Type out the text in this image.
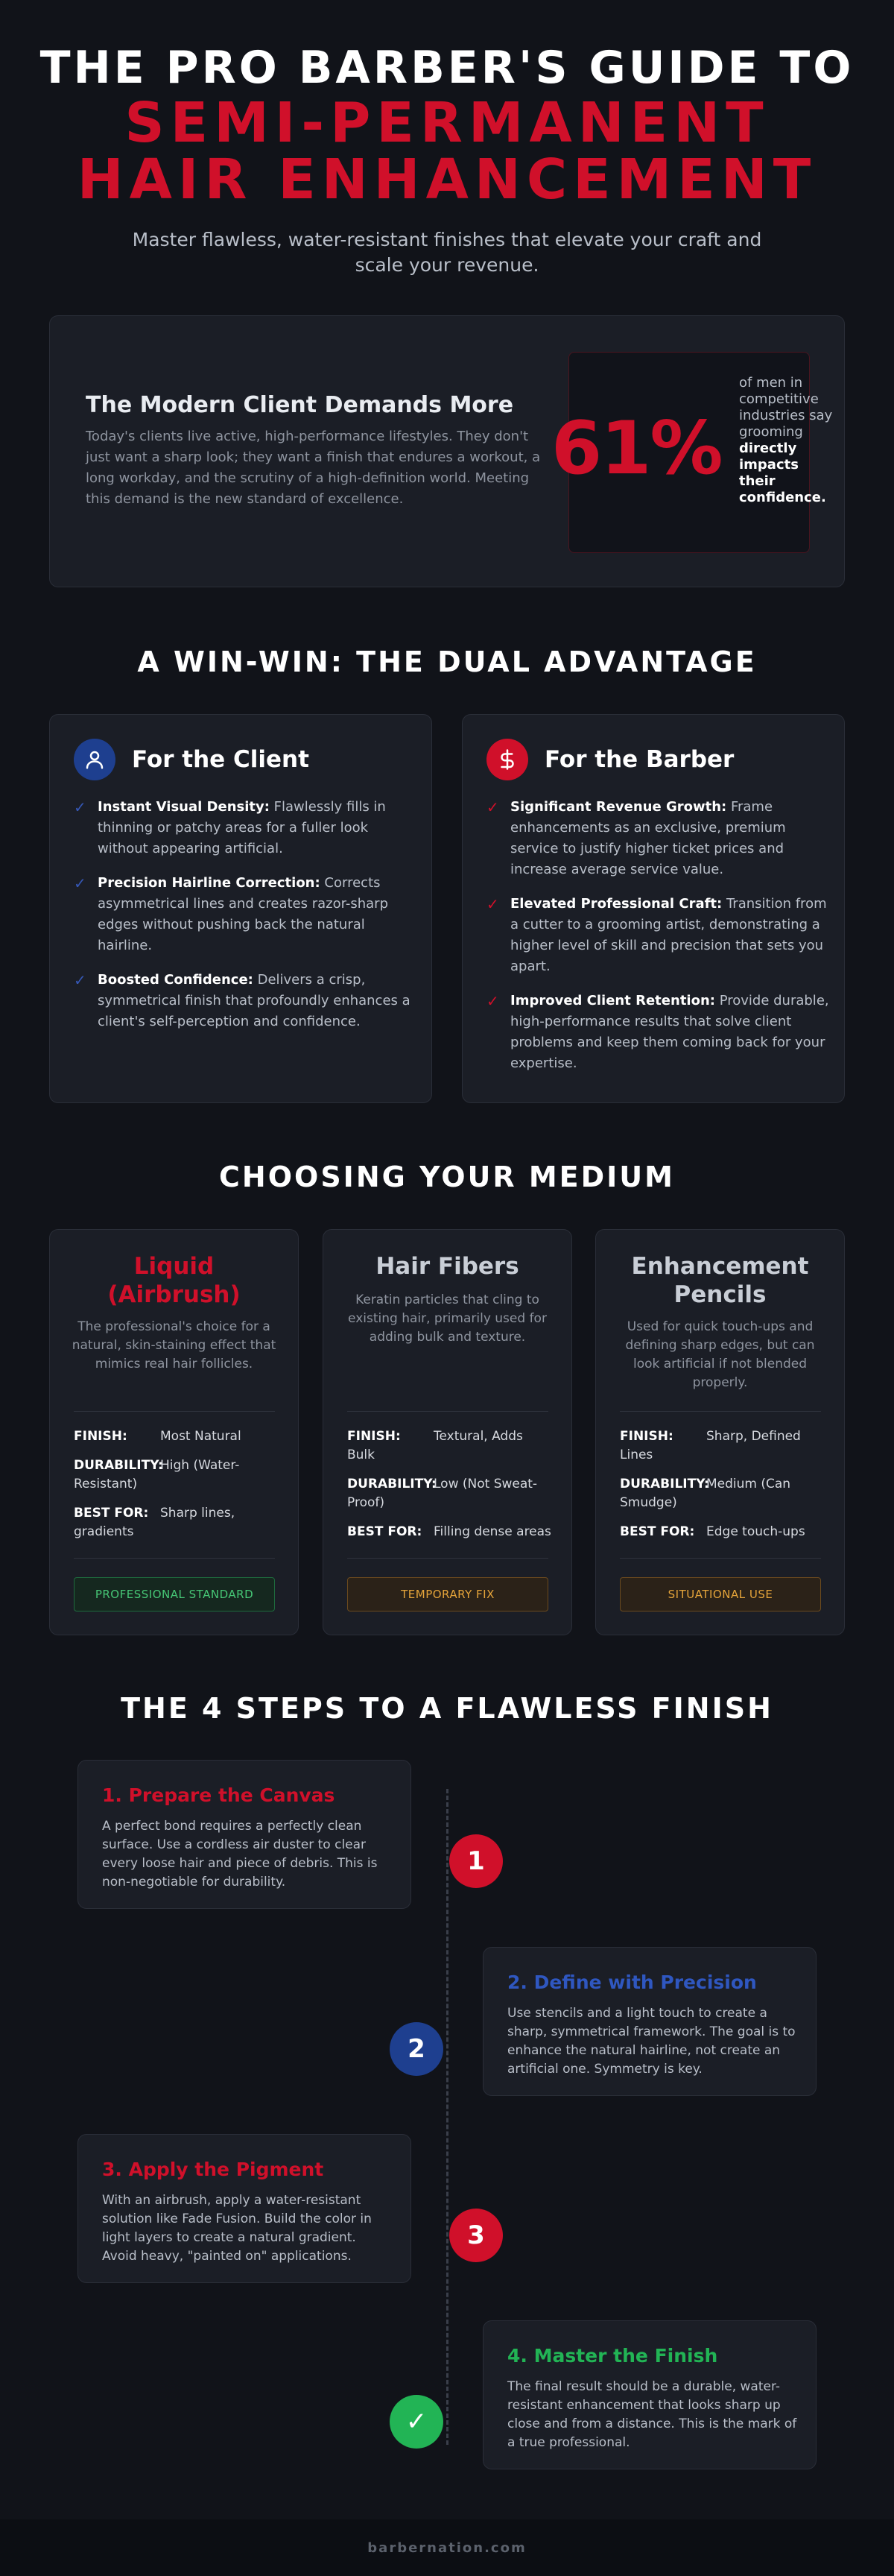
THE PRO BARBER'S GUIDE TO
SEMI-PERMANENT
HAIR ENHANCEMENT
Master flawless, water-resistant finishes that elevate your craft and scale your revenue.
The Modern Client Demands More
Today's clients live active, high-performance lifestyles. They don't just want a sharp look; they want a finish that endures a workout, a long workday, and the scrutiny of a high-definition world. Meeting this demand is the new standard of excellence.
61%
of men in competitive industries say grooming directly impacts their confidence.
A WIN-WIN: THE DUAL ADVANTAGE
For the Client
✓ Instant Visual Density: Flawlessly fills in thinning or patchy areas for a fuller look without appearing artificial.
✓ Precision Hairline Correction: Corrects asymmetrical lines and creates razor-sharp edges without pushing back the natural hairline.
✓ Boosted Confidence: Delivers a crisp, symmetrical finish that profoundly enhances a client's self-perception and confidence.
For the Barber
✓ Significant Revenue Growth: Frame enhancements as an exclusive, premium service to justify higher ticket prices and increase average service value.
✓ Elevated Professional Craft: Transition from a cutter to a grooming artist, demonstrating a higher level of skill and precision that sets you apart.
✓ Improved Client Retention: Provide durable, high-performance results that solve client problems and keep them coming back for your expertise.
CHOOSING YOUR MEDIUM
Liquid (Airbrush)
The professional's choice for a natural, skin-staining effect that mimics real hair follicles.
FINISH:	Most Natural
DURABILITY:High (Water-Resistant)
BEST FOR: Sharp lines, gradients
PROFESSIONAL STANDARD
Hair Fibers
Keratin particles that cling to existing hair, primarily used for adding bulk and texture.
FINISH:	Textural, Adds Bulk
DURABILITY:Low (Not Sweat-Proof)
BEST FOR: Filling dense areas
TEMPORARY FIX
Enhancement Pencils
Used for quick touch-ups and defining sharp edges, but can look artificial if not blended properly.
FINISH:	Sharp, Defined Lines
DURABILITY:Medium (Can Smudge)
BEST FOR: Edge touch-ups
SITUATIONAL USE
THE 4 STEPS TO A FLAWLESS FINISH
1. Prepare the Canvas
A perfect bond requires a perfectly clean surface. Use a cordless air duster to clear every loose hair and piece of debris. This is non-negotiable for durability.
1
2. Define with Precision
Use stencils and a light touch to create a sharp, symmetrical framework. The goal is to enhance the natural hairline, not create an artificial one. Symmetry is key.
2
3. Apply the Pigment
With an airbrush, apply a water-resistant solution like Fade Fusion. Build the color in light layers to create a natural gradient. Avoid heavy, "painted on" applications.
3
4. Master the Finish
The final result should be a durable, water-resistant enhancement that looks sharp up close and from a distance. This is the mark of a true professional.
✓
barbernation.com
